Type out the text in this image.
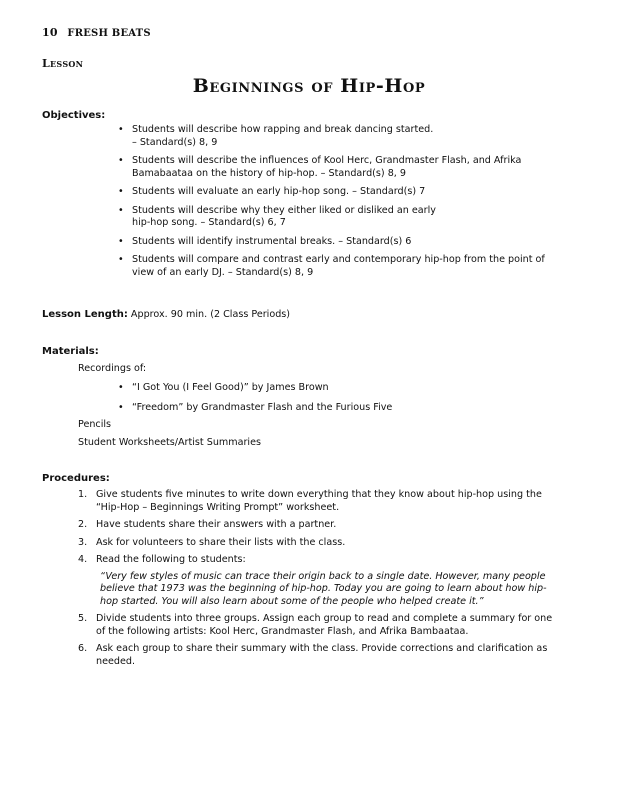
10 FRESH BEATS
Lesson
Beginnings of Hip-Hop
Objectives:
• Students will describe how rapping and break dancing started.
– Standard(s) 8, 9
• Students will describe the influences of Kool Herc, Grandmaster Flash, and Afrika Bamabaataa on the history of hip-hop. – Standard(s) 8, 9
• Students will evaluate an early hip-hop song. – Standard(s) 7
• Students will describe why they either liked or disliked an early
hip-hop song. – Standard(s) 6, 7
• Students will identify instrumental breaks. – Standard(s) 6
• Students will compare and contrast early and contemporary hip-hop from the point of view of an early DJ. – Standard(s) 8, 9
Lesson Length: Approx. 90 min. (2 Class Periods)
Materials:
Recordings of:
• “I Got You (I Feel Good)” by James Brown
• “Freedom” by Grandmaster Flash and the Furious Five
Pencils
Student Worksheets/Artist Summaries
Procedures:
1. Give students five minutes to write down everything that they know about hip-hop using the “Hip-Hop – Beginnings Writing Prompt” worksheet.
2. Have students share their answers with a partner.
3. Ask for volunteers to share their lists with the class.
4. Read the following to students:
“Very few styles of music can trace their origin back to a single date. However, many people believe that 1973 was the beginning of hip-hop. Today you are going to learn about how hip-hop started. You will also learn about some of the people who helped create it.”
5. Divide students into three groups. Assign each group to read and complete a summary for one of the following artists: Kool Herc, Grandmaster Flash, and Afrika Bambaataa.
6. Ask each group to share their summary with the class. Provide corrections and clarification as needed.
